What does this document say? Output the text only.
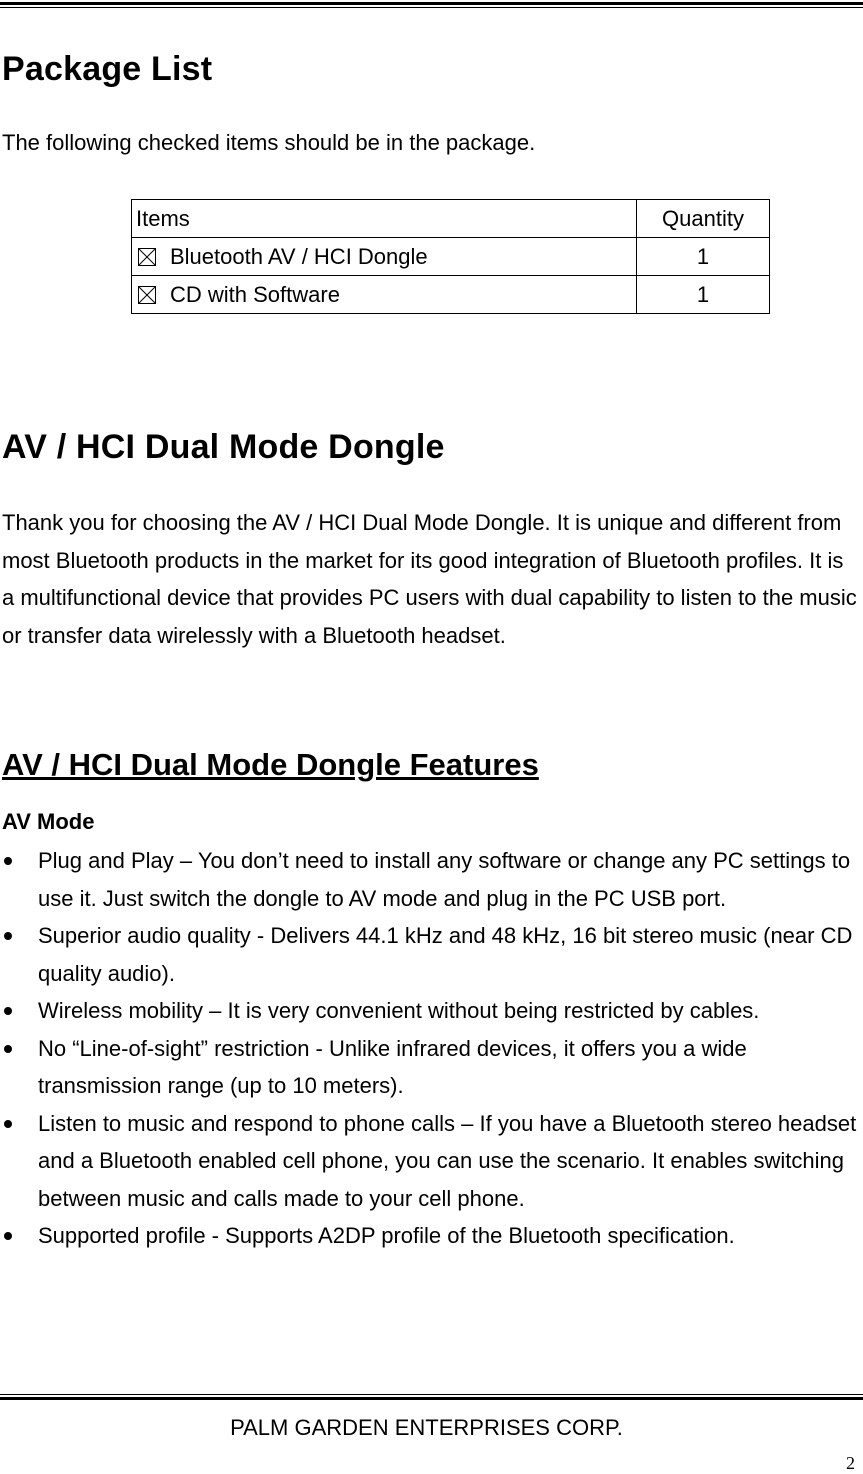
Package List

The following checked items should be in the package.

Items	Quantity
Bluetooth AV / HCI Dongle	1
CD with Software	1
AV / HCI Dual Mode Dongle

Thank you for choosing the AV / HCI Dual Mode Dongle. It is unique and different from most Bluetooth products in the market for its good integration of Bluetooth profiles. It is a multifunctional device that provides PC users with dual capability to listen to the music or transfer data wirelessly with a Bluetooth headset.

AV / HCI Dual Mode Dongle Features

AV Mode

Plug and Play – You don’t need to install any software or change any PC settings to use it. Just switch the dongle to AV mode and plug in the PC USB port.
Superior audio quality - Delivers 44.1 kHz and 48 kHz, 16 bit stereo music (near CD quality audio).
Wireless mobility – It is very convenient without being restricted by cables.
No “Line-of-sight” restriction - Unlike infrared devices, it offers you a wide transmission range (up to 10 meters).
Listen to music and respond to phone calls – If you have a Bluetooth stereo headset and a Bluetooth enabled cell phone, you can use the scenario. It enables switching between music and calls made to your cell phone.
Supported profile - Supports A2DP profile of the Bluetooth specification.

PALM GARDEN ENTERPRISES CORP.

2
